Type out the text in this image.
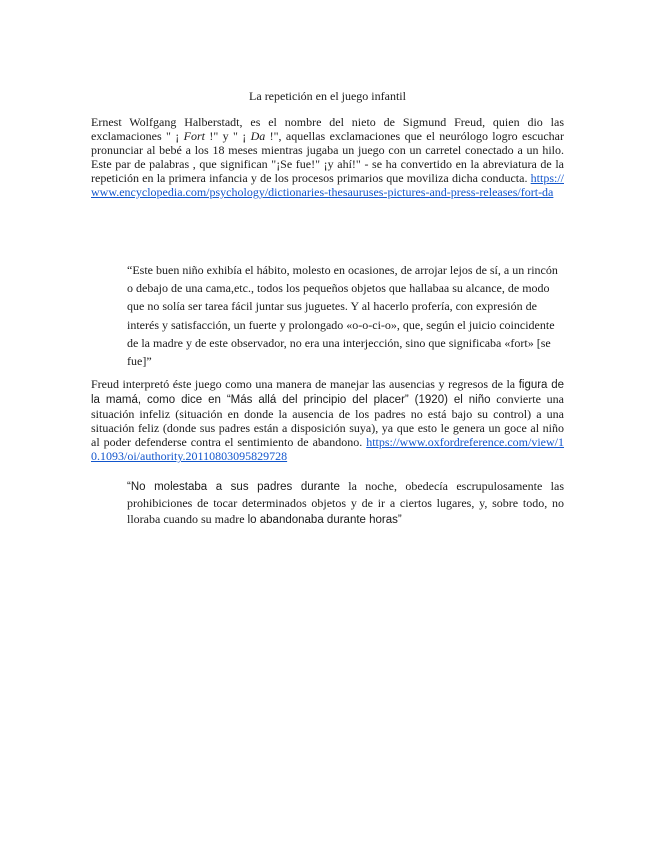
La repetición en el juego infantil
Ernest Wolfgang Halberstadt, es el nombre del nieto de Sigmund Freud, quien dio las exclamaciones " ¡ Fort !" y " ¡ Da !", aquellas exclamaciones que el neurólogo logro escuchar pronunciar al bebé a los 18 meses mientras jugaba un juego con un carretel conectado a un hilo. Este par de palabras , que significan "¡Se fue!" ¡y ahí!" - se ha convertido en la abreviatura de la repetición en la primera infancia y de los procesos primarios que moviliza dicha conducta. https://www.encyclopedia.com/psychology/dictionaries-thesauruses-pictures-and-press-releases/fort-da
“Este buen niño exhibía el hábito, molesto en ocasiones, de arrojar lejos de sí, a un rincón o debajo de una cama,etc., todos los pequeños objetos que hallabaa su alcance, de modo que no solía ser tarea fácil juntar sus juguetes. Y al hacerlo profería, con expresión de interés y satisfacción, un fuerte y prolongado «o-o-ci-o», que, según el juicio coincidente de la madre y de este observador, no era una interjección, sino que significaba «fort» [se fue]”
Freud interpretó éste juego como una manera de manejar las ausencias y regresos de la figura de la mamá, como dice en “Más allá del principio del placer” (1920) el niño convierte una situación infeliz (situación en donde la ausencia de los padres no está bajo su control) a una situación feliz (donde sus padres están a disposición suya), ya que esto le genera un goce al niño al poder defenderse contra el sentimiento de abandono. https://www.oxfordreference.com/view/10.1093/oi/authority.20110803095829728
“No molestaba a sus padres durante la noche, obedecía escrupulosamente las prohibiciones de tocar determinados objetos y de ir a ciertos lugares, y, sobre todo, no lloraba cuando su madre lo abandonaba durante horas”
